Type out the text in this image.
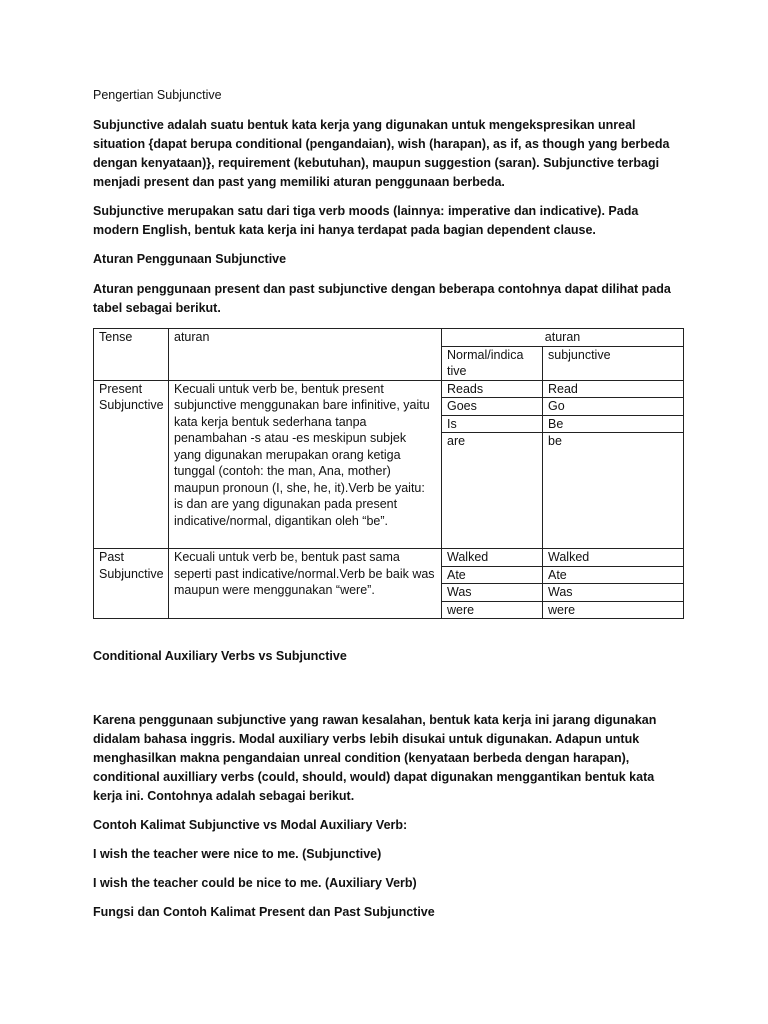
Pengertian Subjunctive

Subjunctive adalah suatu bentuk kata kerja yang digunakan untuk mengekspresikan unreal situation {dapat berupa conditional (pengandaian), wish (harapan), as if, as though yang berbeda dengan kenyataan)}, requirement (kebutuhan), maupun suggestion (saran). Subjunctive terbagi menjadi present dan past yang memiliki aturan penggunaan berbeda.

Subjunctive merupakan satu dari tiga verb moods (lainnya: imperative dan indicative). Pada modern English, bentuk kata kerja ini hanya terdapat pada bagian dependent clause.

Aturan Penggunaan Subjunctive

Aturan penggunaan present dan past subjunctive dengan beberapa contohnya dapat dilihat pada tabel sebagai berikut.

Tense	aturan	aturan	
		Normal/indica tive	subjunctive
Present Subjunctive	Kecuali untuk verb be, bentuk present subjunctive menggunakan bare infinitive, yaitu kata kerja bentuk sederhana tanpa penambahan -s atau -es meskipun subjek yang digunakan merupakan orang ketiga tunggal (contoh: the man, Ana, mother) maupun pronoun (I, she, he, it).Verb be yaitu: is dan are yang digunakan pada present indicative/normal, digantikan oleh “be”.	Reads	Read
		Goes	Go
		Is	Be
		are	be
Past Subjunctive	Kecuali untuk verb be, bentuk past sama seperti past indicative/normal.Verb be baik was maupun were menggunakan “were”.	Walked	Walked
		Ate	Ate
		Was	Was
		were	were

Conditional Auxiliary Verbs vs Subjunctive

Karena penggunaan subjunctive yang rawan kesalahan, bentuk kata kerja ini jarang digunakan didalam bahasa inggris. Modal auxiliary verbs lebih disukai untuk digunakan. Adapun untuk menghasilkan makna pengandaian unreal condition (kenyataan berbeda dengan harapan), conditional auxilliary verbs (could, should, would) dapat digunakan menggantikan bentuk kata kerja ini. Contohnya adalah sebagai berikut.

Contoh Kalimat Subjunctive vs Modal Auxiliary Verb:

I wish the teacher were nice to me. (Subjunctive)

I wish the teacher could be nice to me. (Auxiliary Verb)

Fungsi dan Contoh Kalimat Present dan Past Subjunctive
